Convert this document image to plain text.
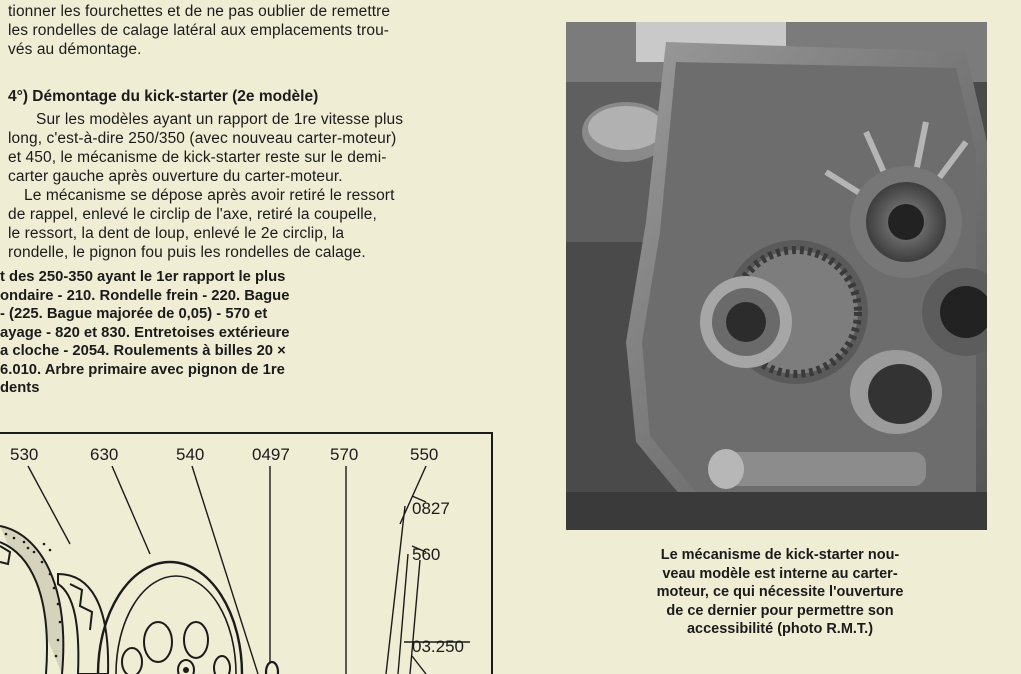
tionner les fourchettes et de ne pas oublier de remettre
les rondelles de calage latéral aux emplacements trou-
vés au démontage.

4°) Démontage du kick-starter (2e modèle)

Sur les modèles ayant un rapport de 1re vitesse plus
long, c'est-à-dire 250/350 (avec nouveau carter-moteur)
et 450, le mécanisme de kick-starter reste sur le demi-
carter gauche après ouverture du carter-moteur.

Le mécanisme se dépose après avoir retiré le ressort
de rappel, enlevé le circlip de l'axe, retiré la coupelle,
le ressort, la dent de loup, enlevé le 2e circlip, la
rondelle, le pignon fou puis les rondelles de calage.

t des 250-350 ayant le 1er rapport le plus
ondaire - 210. Rondelle frein - 220. Bague
- (225. Bague majorée de 0,05) - 570 et
ayage - 820 et 830. Entretoises extérieure
a cloche - 2054. Roulements à billes 20 ×
6.010. Arbre primaire avec pignon de 1re
dents

530	630	540	0497 570	550
0827
560
03.250

Le mécanisme de kick-starter nou-
veau modèle est interne au carter-
moteur, ce qui nécessite l'ouverture
de ce dernier pour permettre son
accessibilité (photo R.M.T.)
